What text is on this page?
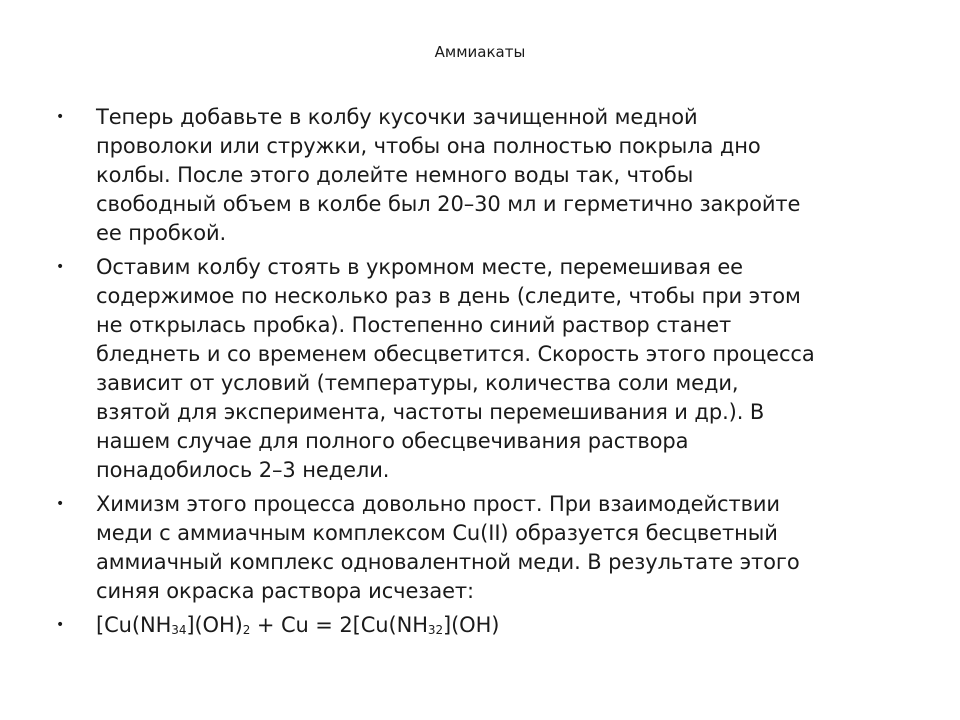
Аммиакаты
•	Теперь добавьте в колбу кусочки зачищенной медной
проволоки или стружки, чтобы она полностью покрыла дно
колбы. После этого долейте немного воды так, чтобы
свободный объем в колбе был 20–30 мл и герметично закройте
ее пробкой.
•	Оставим колбу стоять в укромном месте, перемешивая ее
содержимое по несколько раз в день (следите, чтобы при этом
не открылась пробка). Постепенно синий раствор станет
бледнеть и со временем обесцветится. Скорость этого процесса
зависит от условий (температуры, количества соли меди,
взятой для эксперимента, частоты перемешивания и др.). В
нашем случае для полного обесцвечивания раствора
понадобилось 2–3 недели.
•	Химизм этого процесса довольно прост. При взаимодействии
меди с аммиачным комплексом Cu(II) образуется бесцветный
аммиачный комплекс одновалентной меди. В результате этого
синяя окраска раствора исчезает:
•	[Cu(NH34](OH)2 + Cu = 2[Cu(NH32](OH)
